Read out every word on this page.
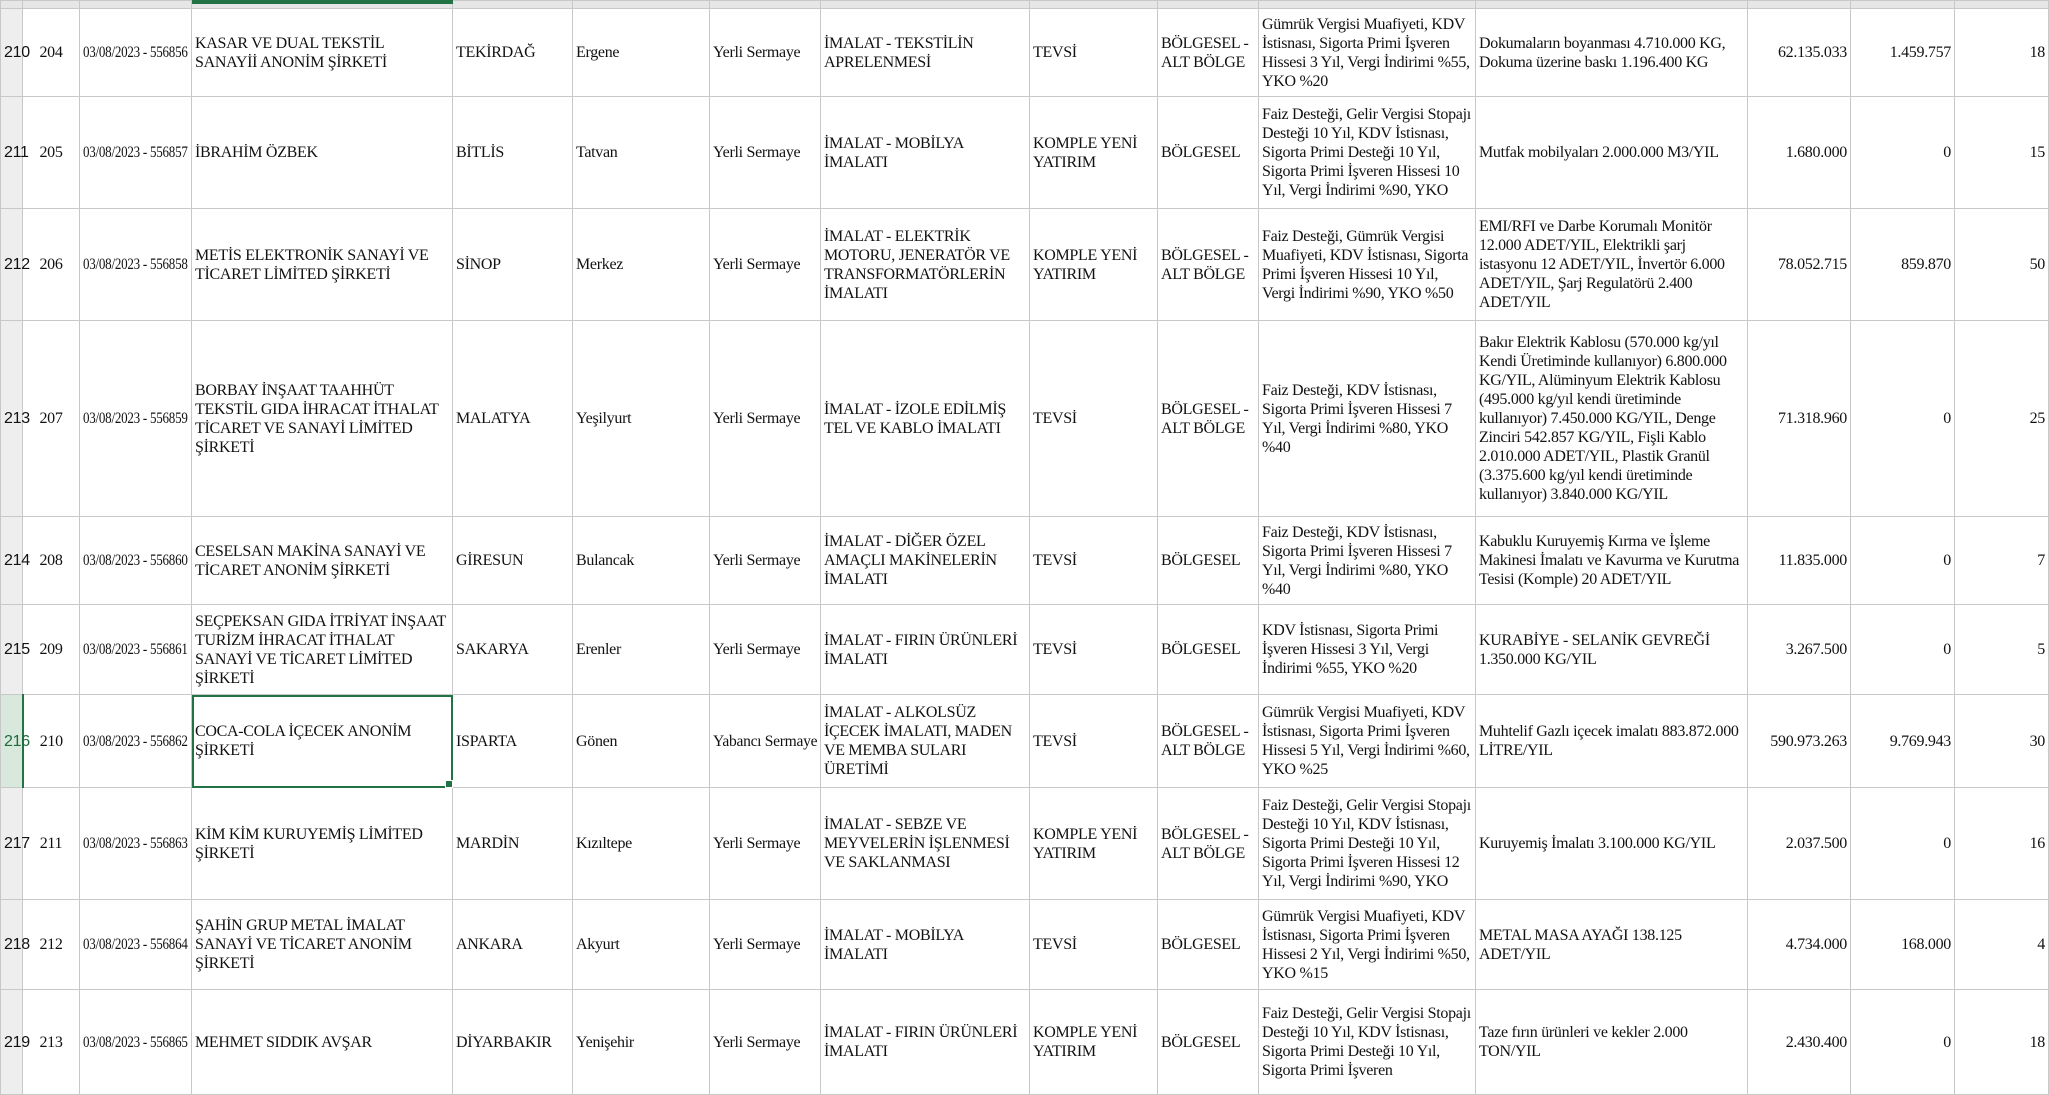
210	204	03/08/2023 - 556856	KASAR VE DUAL TEKSTİL SANAYİİ ANONİM ŞİRKETİ	TEKİRDAĞ	Ergene	Yerli Sermaye	İMALAT - TEKSTİLİN APRELENMESİ	TEVSİ	BÖLGESEL - ALT BÖLGE	Gümrük Vergisi Muafiyeti, KDV İstisnası, Sigorta Primi İşveren Hissesi 3 Yıl, Vergi İndirimi %55, YKO %20	Dokumaların boyanması 4.710.000 KG, Dokuma üzerine baskı 1.196.400 KG	62.135.033	1.459.757	18
211	205	03/08/2023 - 556857	İBRAHİM ÖZBEK	BİTLİS	Tatvan	Yerli Sermaye	İMALAT - MOBİLYA İMALATI	KOMPLE YENİ YATIRIM	BÖLGESEL	Faiz Desteği, Gelir Vergisi Stopajı Desteği 10 Yıl, KDV İstisnası, Sigorta Primi Desteği 10 Yıl, Sigorta Primi İşveren Hissesi 10 Yıl, Vergi İndirimi %90, YKO	Mutfak mobilyaları 2.000.000 M3/YIL	1.680.000	0	15
212	206	03/08/2023 - 556858	METİS ELEKTRONİK SANAYİ VE TİCARET LİMİTED ŞİRKETİ	SİNOP	Merkez	Yerli Sermaye	İMALAT - ELEKTRİK MOTORU, JENERATÖR VE TRANSFORMATÖRLERİN İMALATI	KOMPLE YENİ YATIRIM	BÖLGESEL - ALT BÖLGE	Faiz Desteği, Gümrük Vergisi Muafiyeti, KDV İstisnası, Sigorta Primi İşveren Hissesi 10 Yıl, Vergi İndirimi %90, YKO %50	EMI/RFI ve Darbe Korumalı Monitör 12.000 ADET/YIL, Elektrikli şarj istasyonu 12 ADET/YIL, İnvertör 6.000 ADET/YIL, Şarj Regulatörü 2.400 ADET/YIL	78.052.715	859.870	50
213	207	03/08/2023 - 556859	BORBAY İNŞAAT TAAHHÜT TEKSTİL GIDA İHRACAT İTHALAT TİCARET VE SANAYİ LİMİTED ŞİRKETİ	MALATYA	Yeşilyurt	Yerli Sermaye	İMALAT - İZOLE EDİLMİŞ TEL VE KABLO İMALATI	TEVSİ	BÖLGESEL - ALT BÖLGE	Faiz Desteği, KDV İstisnası, Sigorta Primi İşveren Hissesi 7 Yıl, Vergi İndirimi %80, YKO %40	Bakır Elektrik Kablosu (570.000 kg/yıl Kendi Üretiminde kullanıyor) 6.800.000 KG/YIL, Alüminyum Elektrik Kablosu (495.000 kg/yıl kendi üretiminde kullanıyor) 7.450.000 KG/YIL, Denge Zinciri 542.857 KG/YIL, Fişli Kablo 2.010.000 ADET/YIL, Plastik Granül (3.375.600 kg/yıl kendi üretiminde kullanıyor) 3.840.000 KG/YIL	71.318.960	0	25
214	208	03/08/2023 - 556860	CESELSAN MAKİNA SANAYİ VE TİCARET ANONİM ŞİRKETİ	GİRESUN	Bulancak	Yerli Sermaye	İMALAT - DİĞER ÖZEL AMAÇLI MAKİNELERİN İMALATI	TEVSİ	BÖLGESEL	Faiz Desteği, KDV İstisnası, Sigorta Primi İşveren Hissesi 7 Yıl, Vergi İndirimi %80, YKO %40	Kabuklu Kuruyemiş Kırma ve İşleme Makinesi İmalatı ve Kavurma ve Kurutma Tesisi (Komple) 20 ADET/YIL	11.835.000	0	7
215	209	03/08/2023 - 556861	SEÇPEKSAN GIDA İTRİYAT İNŞAAT TURİZM İHRACAT İTHALAT SANAYİ VE TİCARET LİMİTED ŞİRKETİ	SAKARYA	Erenler	Yerli Sermaye	İMALAT - FIRIN ÜRÜNLERİ İMALATI	TEVSİ	BÖLGESEL	KDV İstisnası, Sigorta Primi İşveren Hissesi 3 Yıl, Vergi İndirimi %55, YKO %20	KURABİYE - SELANİK GEVREĞİ 1.350.000 KG/YIL	3.267.500	0	5
216	210	03/08/2023 - 556862	COCA-COLA İÇECEK ANONİM ŞİRKETİ	ISPARTA	Gönen	Yabancı Sermaye	İMALAT - ALKOLSÜZ İÇECEK İMALATI, MADEN VE MEMBA SULARI ÜRETİMİ	TEVSİ	BÖLGESEL - ALT BÖLGE	Gümrük Vergisi Muafiyeti, KDV İstisnası, Sigorta Primi İşveren Hissesi 5 Yıl, Vergi İndirimi %60, YKO %25	Muhtelif Gazlı içecek imalatı 883.872.000 LİTRE/YIL	590.973.263	9.769.943	30
217	211	03/08/2023 - 556863	KİM KİM KURUYEMİŞ LİMİTED ŞİRKETİ	MARDİN	Kızıltepe	Yerli Sermaye	İMALAT - SEBZE VE MEYVELERİN İŞLENMESİ VE SAKLANMASI	KOMPLE YENİ YATIRIM	BÖLGESEL - ALT BÖLGE	Faiz Desteği, Gelir Vergisi Stopajı Desteği 10 Yıl, KDV İstisnası, Sigorta Primi Desteği 10 Yıl, Sigorta Primi İşveren Hissesi 12 Yıl, Vergi İndirimi %90, YKO	Kuruyemiş İmalatı 3.100.000 KG/YIL	2.037.500	0	16
218	212	03/08/2023 - 556864	ŞAHİN GRUP METAL İMALAT SANAYİ VE TİCARET ANONİM ŞİRKETİ	ANKARA	Akyurt	Yerli Sermaye	İMALAT - MOBİLYA İMALATI	TEVSİ	BÖLGESEL	Gümrük Vergisi Muafiyeti, KDV İstisnası, Sigorta Primi İşveren Hissesi 2 Yıl, Vergi İndirimi %50, YKO %15	METAL MASA AYAĞI 138.125 ADET/YIL	4.734.000	168.000	4
219	213	03/08/2023 - 556865	MEHMET SIDDIK AVŞAR	DİYARBAKIR	Yenişehir	Yerli Sermaye	İMALAT - FIRIN ÜRÜNLERİ İMALATI	KOMPLE YENİ YATIRIM	BÖLGESEL	Faiz Desteği, Gelir Vergisi Stopajı Desteği 10 Yıl, KDV İstisnası, Sigorta Primi Desteği 10 Yıl, Sigorta Primi İşveren	Taze fırın ürünleri ve kekler 2.000 TON/YIL	2.430.400	0	18
